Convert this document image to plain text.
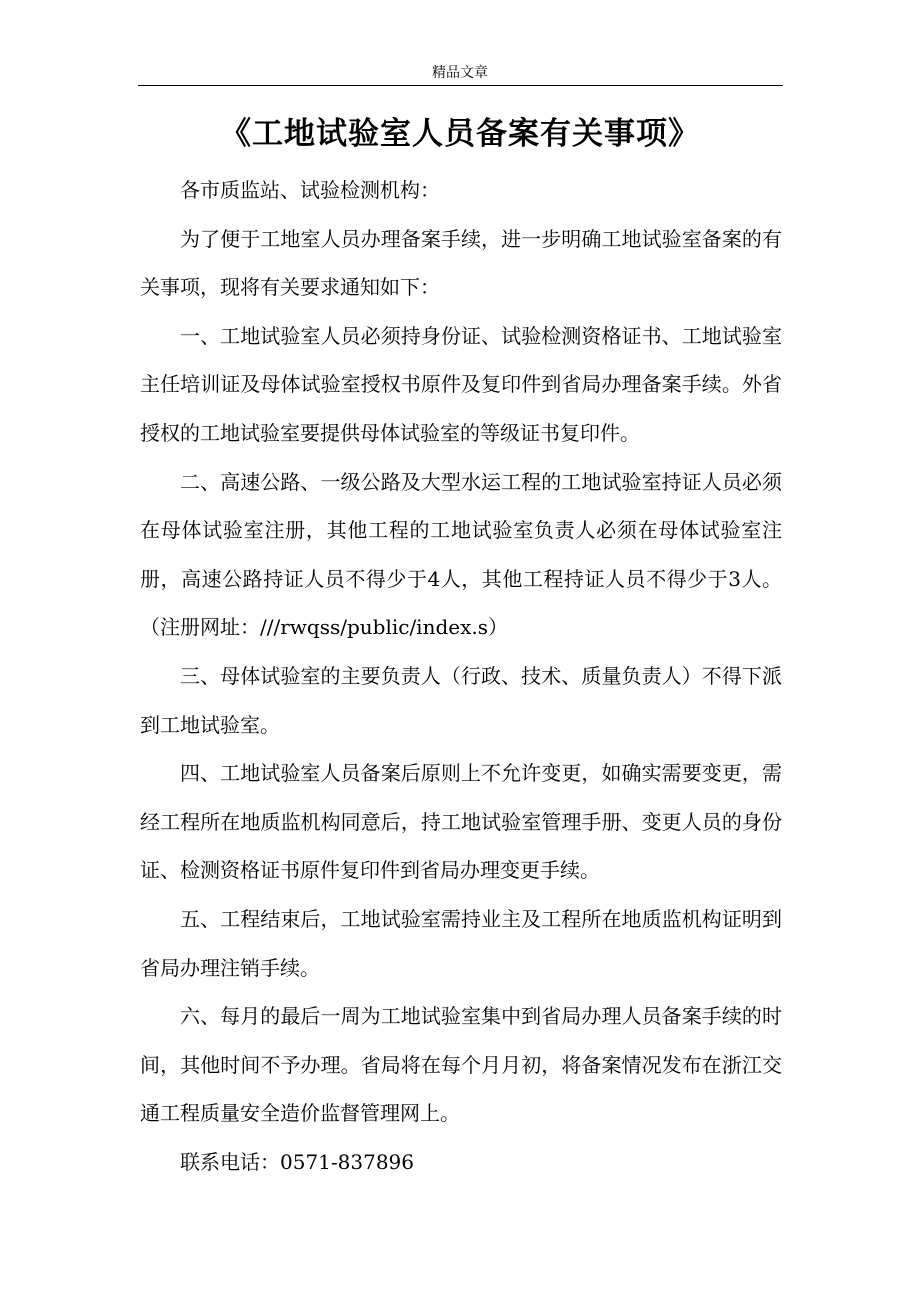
精品文章
《工地试验室人员备案有关事项》

各市质监站、试验检测机构：

为了便于工地室人员办理备案手续，进一步明确工地试验室备案的有关事项，现将有关要求通知如下：

一、工地试验室人员必须持身份证、试验检测资格证书、工地试验室主任培训证及母体试验室授权书原件及复印件到省局办理备案手续。外省授权的工地试验室要提供母体试验室的等级证书复印件。

二、高速公路、一级公路及大型水运工程的工地试验室持证人员必须在母体试验室注册，其他工程的工地试验室负责人必须在母体试验室注册，高速公路持证人员不得少于4人，其他工程持证人员不得少于3人。（注册网址：///rwqss/public/index.s）

三、母体试验室的主要负责人（行政、技术、质量负责人）不得下派到工地试验室。

四、工地试验室人员备案后原则上不允许变更，如确实需要变更，需经工程所在地质监机构同意后，持工地试验室管理手册、变更人员的身份证、检测资格证书原件复印件到省局办理变更手续。

五、工程结束后，工地试验室需持业主及工程所在地质监机构证明到省局办理注销手续。

六、每月的最后一周为工地试验室集中到省局办理人员备案手续的时间，其他时间不予办理。省局将在每个月月初，将备案情况发布在浙江交通工程质量安全造价监督管理网上。

联系电话：0571-837896
